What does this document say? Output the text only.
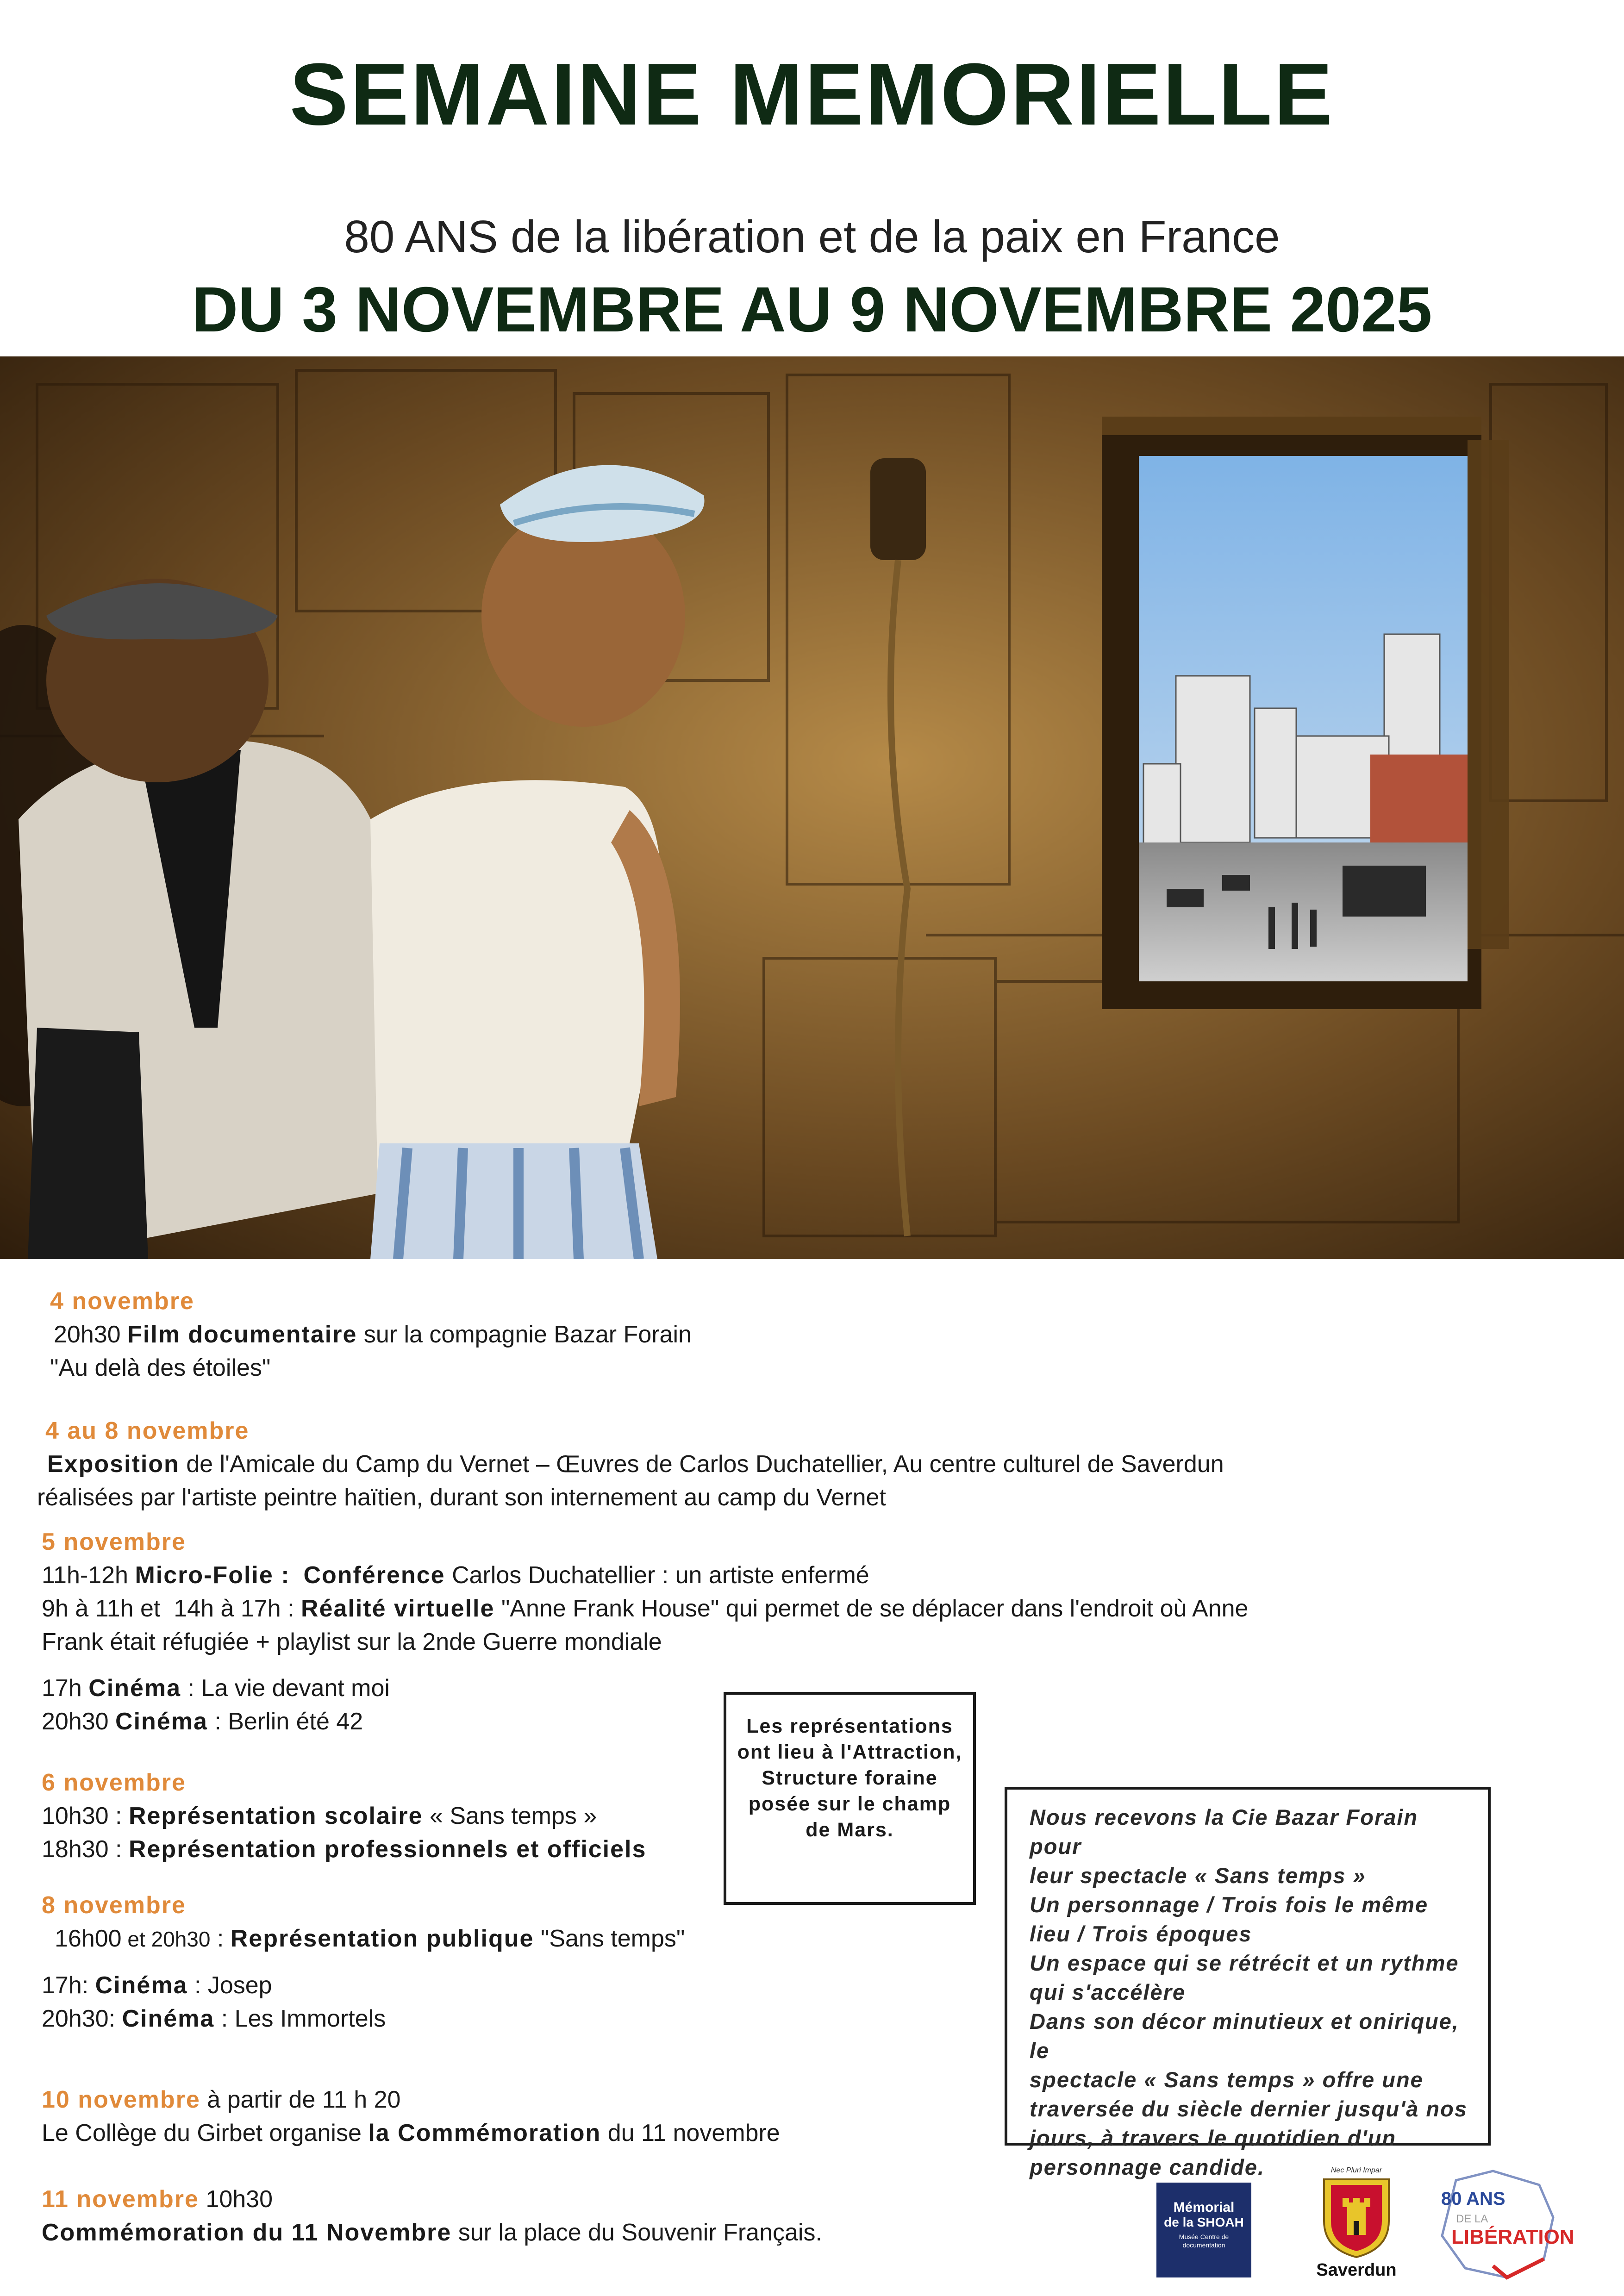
SEMAINE MEMORIELLE
80 ANS de la libération et de la paix en France
DU 3 NOVEMBRE AU 9 NOVEMBRE 2025
4 novembre
20h30 Film documentaire sur la compagnie Bazar Forain
"Au delà des étoiles"
4 au 8 novembre
Exposition de l'Amicale du Camp du Vernet – Œuvres de Carlos Duchatellier, Au centre culturel de Saverdun
réalisées par l'artiste peintre haïtien, durant son internement au camp du Vernet
5 novembre
11h-12h Micro-Folie : Conférence Carlos Duchatellier : un artiste enfermé
9h à 11h et 14h à 17h : Réalité virtuelle "Anne Frank House" qui permet de se déplacer dans l'endroit où Anne
Frank était réfugiée + playlist sur la 2nde Guerre mondiale
17h Cinéma : La vie devant moi
20h30 Cinéma : Berlin été 42
6 novembre
10h30 : Représentation scolaire « Sans temps »
18h30 : Représentation professionnels et officiels
8 novembre
16h00 et 20h30 : Représentation publique "Sans temps"
17h: Cinéma : Josep
20h30: Cinéma : Les Immortels
10 novembre à partir de 11 h 20
Le Collège du Girbet organise la Commémoration du 11 novembre
11 novembre 10h30
Commémoration du 11 Novembre sur la place du Souvenir Français.
Les représentations ont lieu à l'Attraction, Structure foraine posée sur le champ de Mars.

Nous recevons la Cie Bazar Forain pour

leur spectacle « Sans temps »

Un personnage / Trois fois le même

lieu / Trois époques

Un espace qui se rétrécit et un rythme

qui s'accélère

Dans son décor minutieux et onirique, le

spectacle « Sans temps » offre une

traversée du siècle dernier jusqu'à nos

jours, à travers le quotidien d'un

personnage candide.

Mémorial
de la SHOAH
Musée Centre de documentation
Nec Pluri Impar
Saverdun
80 ANS
DE LA
LIBÉRATION
